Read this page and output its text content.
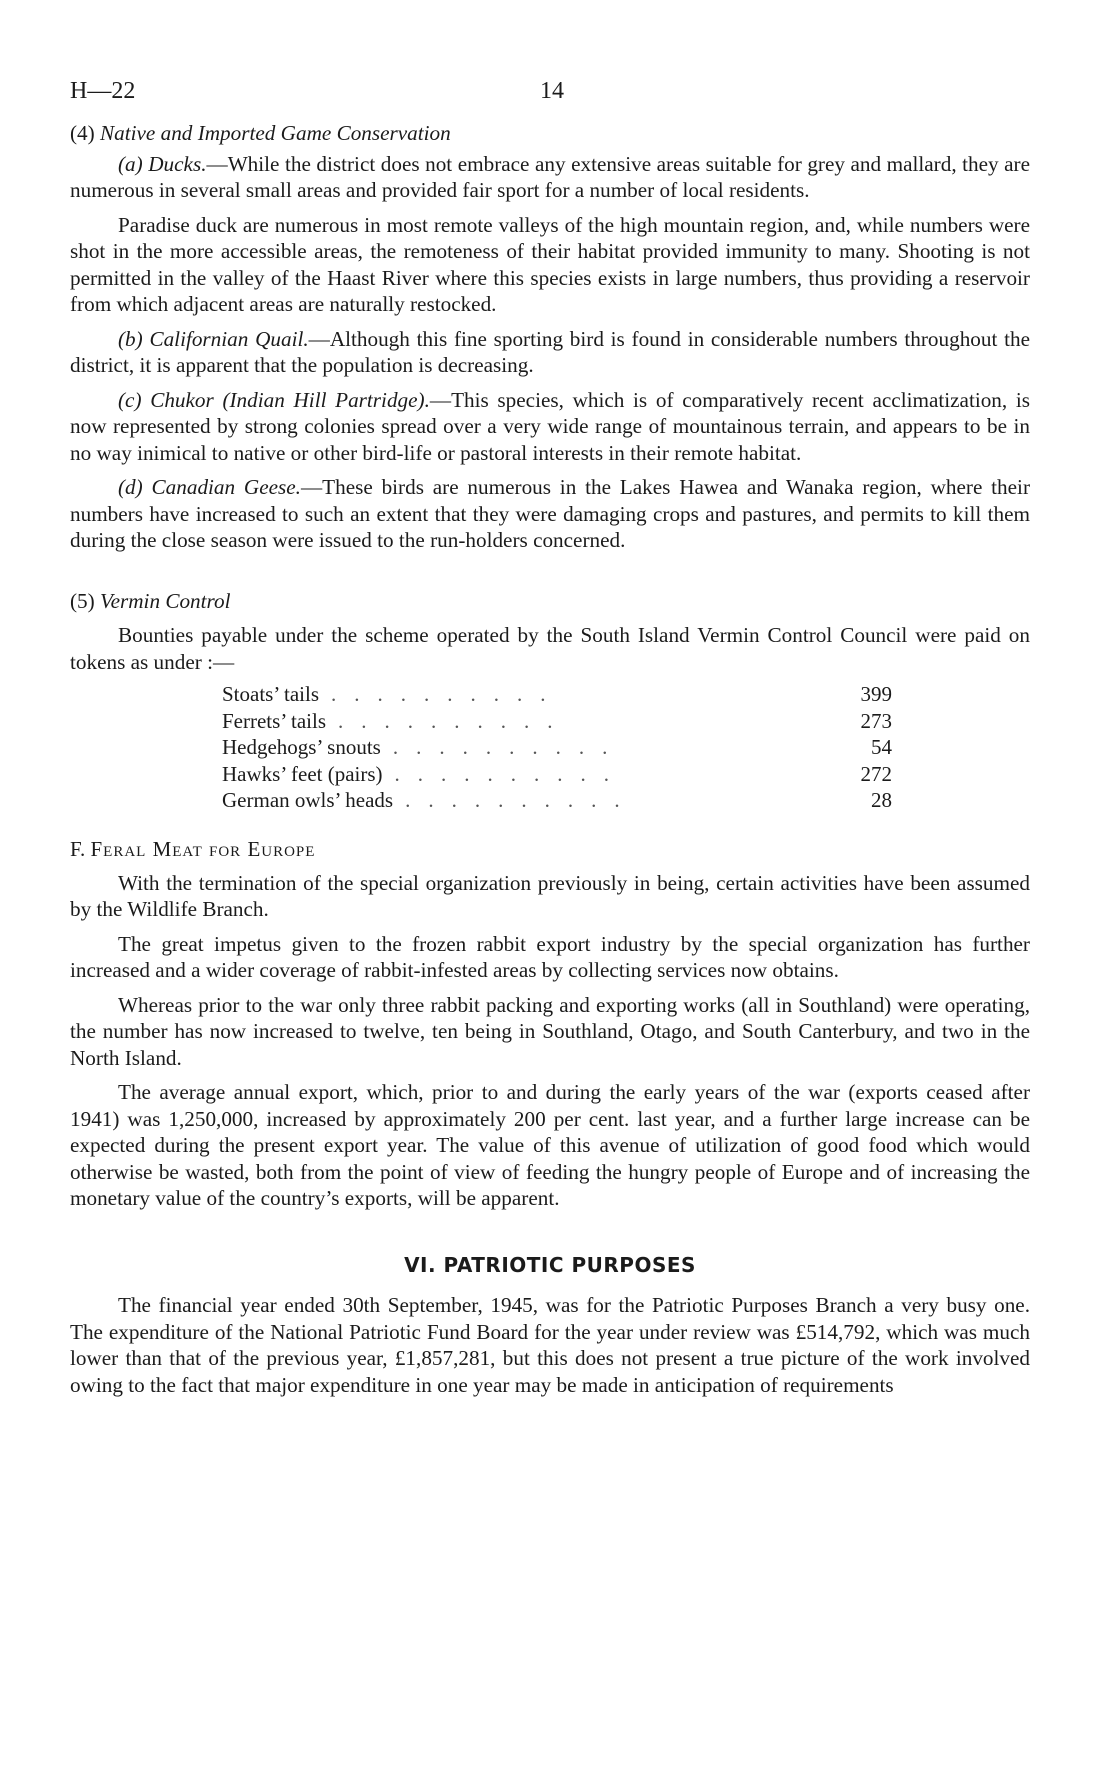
H—22	14

(4) Native and Imported Game Conservation

(a) Ducks.—While the district does not embrace any extensive areas suitable for grey and mallard, they are numerous in several small areas and provided fair sport for a number of local residents.

Paradise duck are numerous in most remote valleys of the high mountain region, and, while numbers were shot in the more accessible areas, the remoteness of their habitat provided immunity to many. Shooting is not permitted in the valley of the Haast River where this species exists in large numbers, thus providing a reservoir from which adjacent areas are naturally restocked.

(b) Californian Quail.—Although this fine sporting bird is found in considerable numbers throughout the district, it is apparent that the population is decreasing.

(c) Chukor (Indian Hill Partridge).—This species, which is of comparatively recent acclimatization, is now represented by strong colonies spread over a very wide range of mountainous terrain, and appears to be in no way inimical to native or other bird-life or pastoral interests in their remote habitat.

(d) Canadian Geese.—These birds are numerous in the Lakes Hawea and Wanaka region, where their numbers have increased to such an extent that they were damaging crops and pastures, and permits to kill them during the close season were issued to the run-holders concerned.

(5) Vermin Control

Bounties payable under the scheme operated by the South Island Vermin Control Council were paid on tokens as under :—

Stoats’ tails ..........	399
Ferrets’ tails ..........	273
Hedgehogs’ snouts ..........	54
Hawks’ feet (pairs) ..........	272
German owls’ heads ..........	28

F. Feral Meat for Europe

With the termination of the special organization previously in being, certain activities have been assumed by the Wildlife Branch.

The great impetus given to the frozen rabbit export industry by the special organization has further increased and a wider coverage of rabbit-infested areas by collecting services now obtains.

Whereas prior to the war only three rabbit packing and exporting works (all in Southland) were operating, the number has now increased to twelve, ten being in Southland, Otago, and South Canterbury, and two in the North Island.

The average annual export, which, prior to and during the early years of the war (exports ceased after 1941) was 1,250,000, increased by approximately 200 per cent. last year, and a further large increase can be expected during the present export year. The value of this avenue of utilization of good food which would otherwise be wasted, both from the point of view of feeding the hungry people of Europe and of increasing the monetary value of the country’s exports, will be apparent.

VI. PATRIOTIC PURPOSES

The financial year ended 30th September, 1945, was for the Patriotic Purposes Branch a very busy one. The expenditure of the National Patriotic Fund Board for the year under review was £514,792, which was much lower than that of the previous year, £1,857,281, but this does not present a true picture of the work involved owing to the fact that major expenditure in one year may be made in anticipation of requirements
